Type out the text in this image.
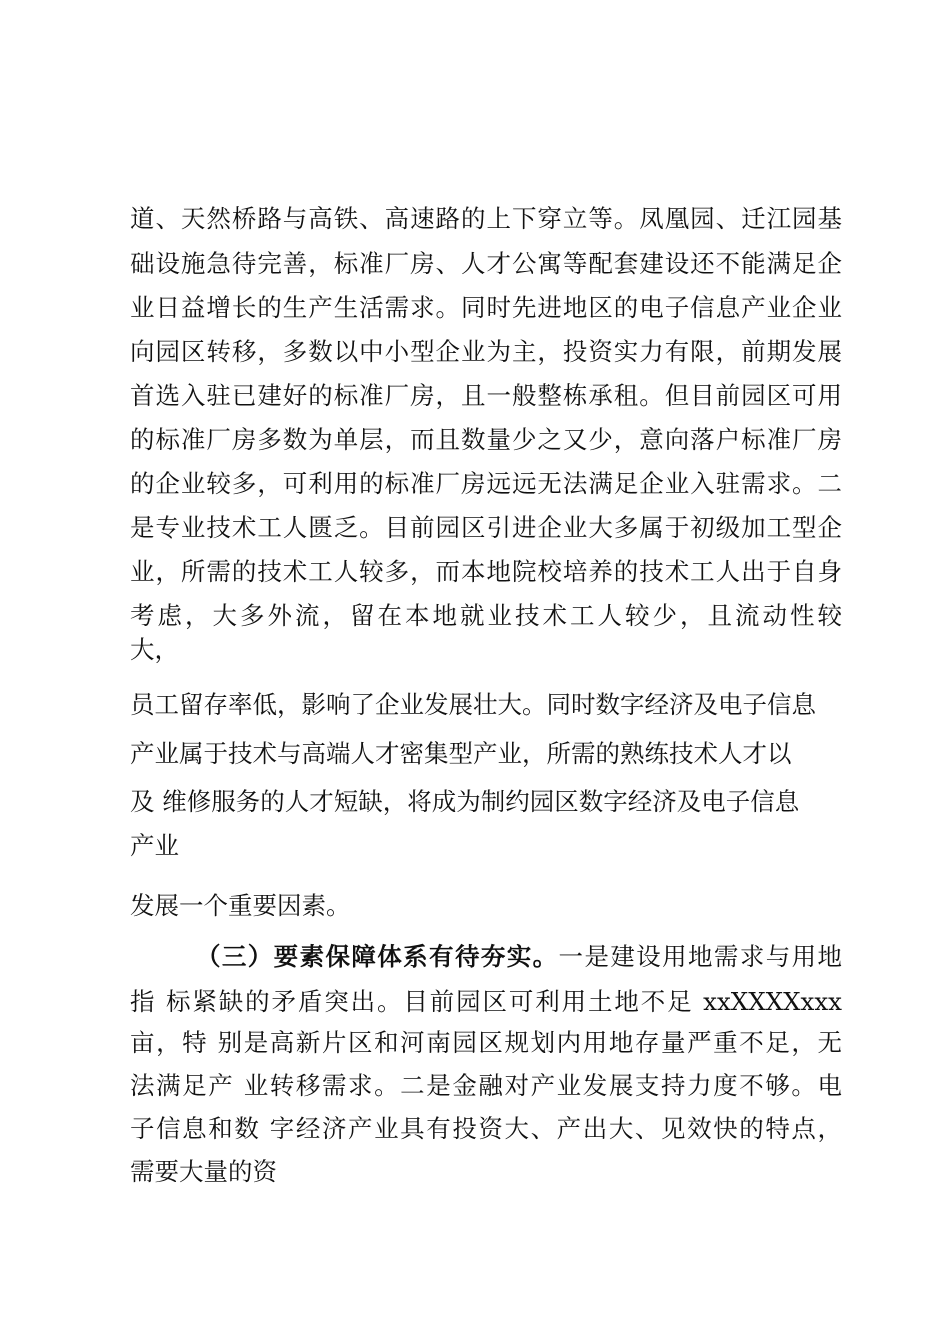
道、天然桥路与高铁、高速路的上下穿立等。凤凰园、迁江园基
础设施急待完善，标准厂房、人才公寓等配套建设还不能满足企
业日益增长的生产生活需求。同时先进地区的电子信息产业企业
向园区转移，多数以中小型企业为主，投资实力有限，前期发展
首选入驻已建好的标准厂房，且一般整栋承租。但目前园区可用
的标准厂房多数为单层，而且数量少之又少，意向落户标准厂房
的企业较多，可利用的标准厂房远远无法满足企业入驻需求。二
是专业技术工人匮乏。目前园区引进企业大多属于初级加工型企
业，所需的技术工人较多，而本地院校培养的技术工人出于自身
考虑，大多外流，留在本地就业技术工人较少，且流动性较
大，
员工留存率低，影响了企业发展壮大。同时数字经济及电子信息
产业属于技术与高端人才密集型产业，所需的熟练技术人才以
及 维修服务的人才短缺，将成为制约园区数字经济及电子信息
产业
发展一个重要因素。
（三）要素保障体系有待夯实。一是建设用地需求与用地
指 标紧缺的矛盾突出。目前园区可利用土地不足 xxXXXXxxx
亩，特 别是高新片区和河南园区规划内用地存量严重不足，无
法满足产 业转移需求。二是金融对产业发展支持力度不够。电
子信息和数 字经济产业具有投资大、产出大、见效快的特点，
需要大量的资
